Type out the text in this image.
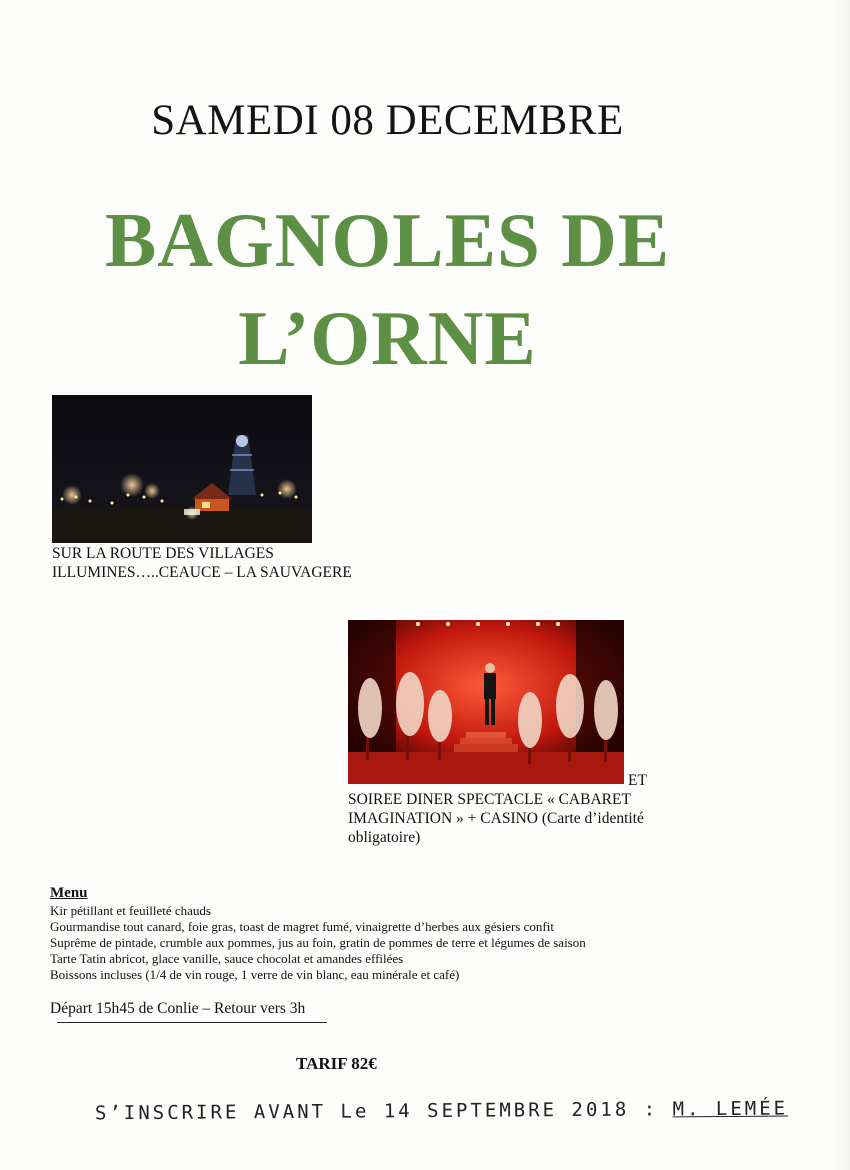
SAMEDI 08 DECEMBRE
BAGNOLES DE
L’ORNE
SUR LA ROUTE DES VILLAGES
ILLUMINES…..CEAUCE – LA SAUVAGERE
ET
SOIREE DINER SPECTACLE « CABARET
IMAGINATION » + CASINO (Carte d’identité
obligatoire)
Menu
Kir pétillant et feuilleté chauds
Gourmandise tout canard, foie gras, toast de magret fumé, vinaigrette d’herbes aux gésiers confit
Suprême de pintade, crumble aux pommes, jus au foin, gratin de pommes de terre et légumes de saison
Tarte Tatin abricot, glace vanille, sauce chocolat et amandes effilées
Boissons incluses (1/4 de vin rouge, 1 verre de vin blanc, eau minérale et café)
Départ 15h45 de Conlie – Retour vers 3h
TARIF 82€
S’INSCRIRE AVANT Le 14 SEPTEMBRE 2018 : M. LEMÉE
